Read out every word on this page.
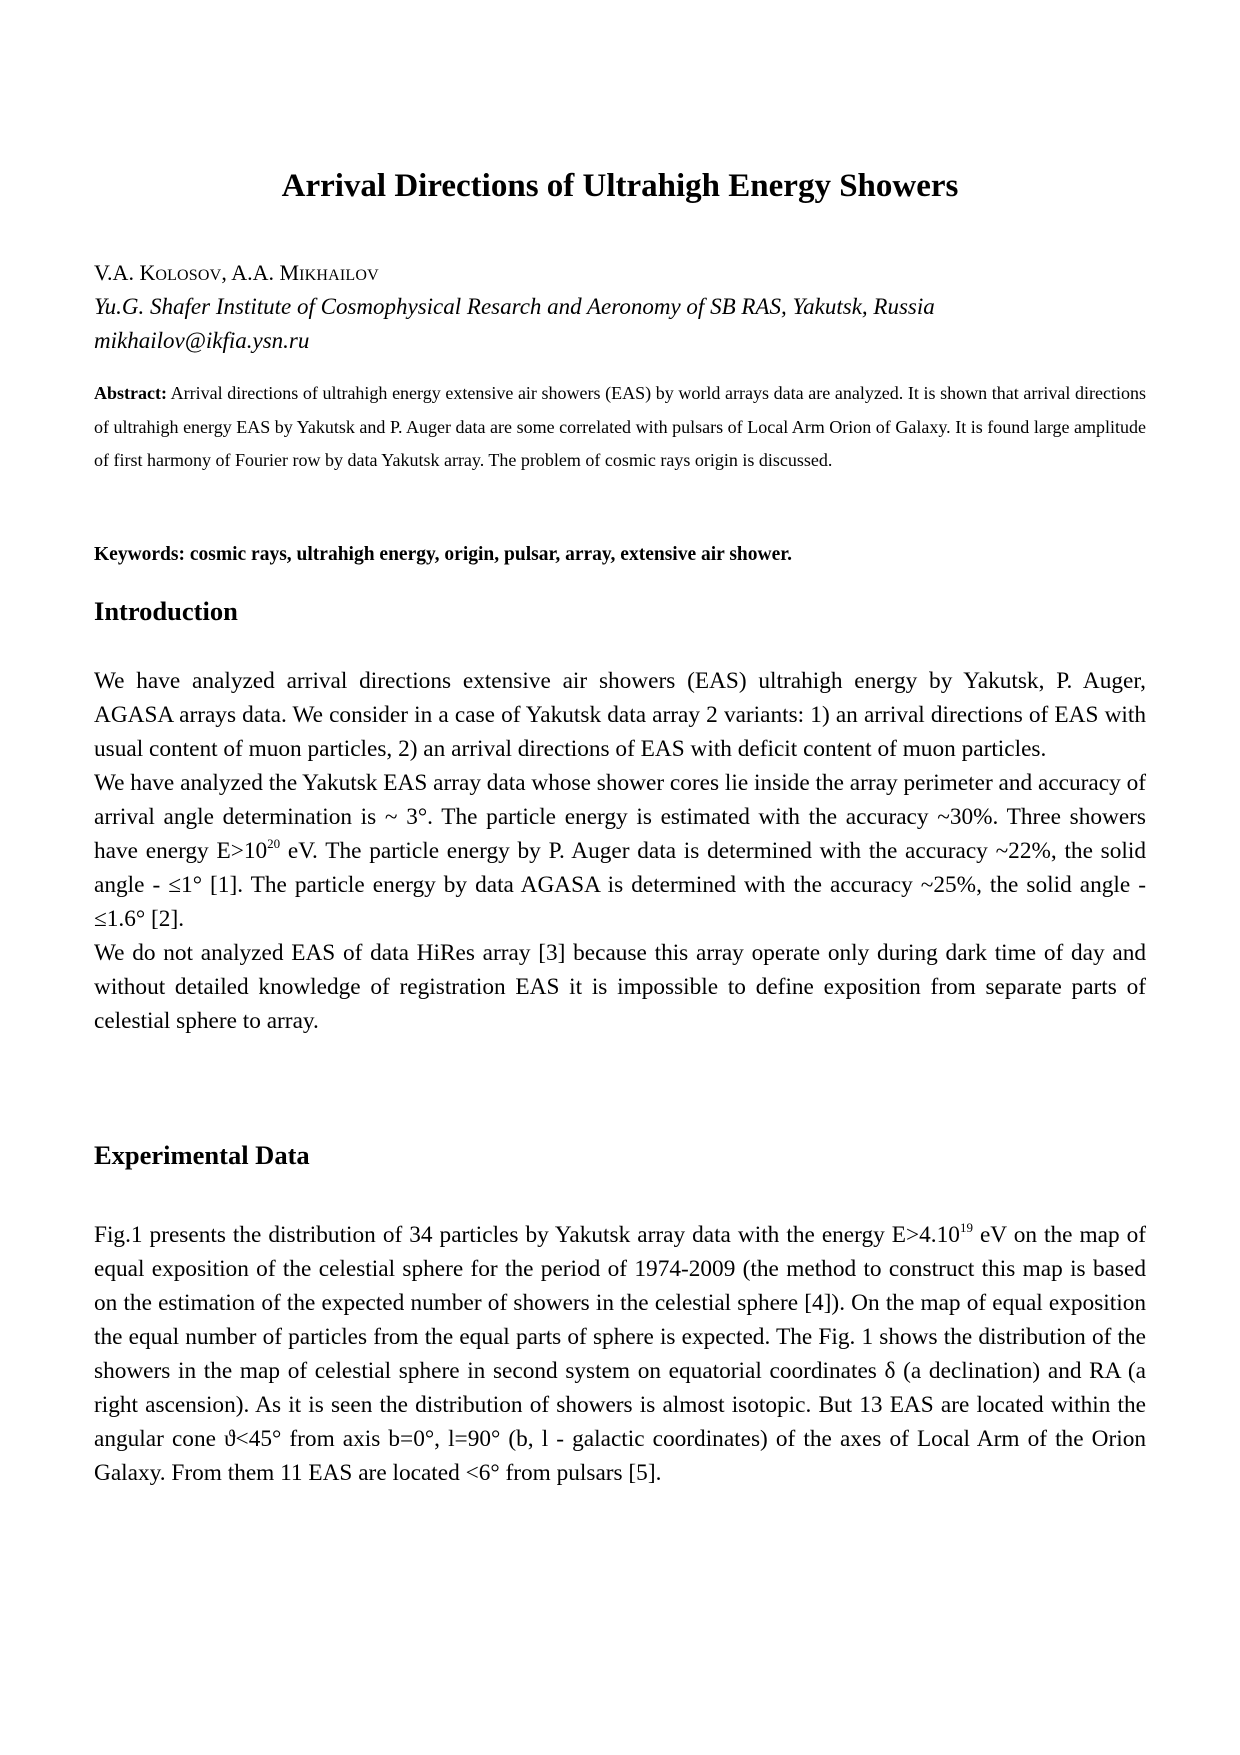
Arrival Directions of Ultrahigh Energy Showers
V.A. KOLOSOV, A.A. MIKHAILOV
Yu.G. Shafer Institute of Cosmophysical Resarch and Aeronomy of SB RAS, Yakutsk, Russia
mikhailov@ikfia.ysn.ru
Abstract: Arrival directions of ultrahigh energy extensive air showers (EAS) by world arrays data are analyzed. It is shown that arrival directions of ultrahigh energy EAS by Yakutsk and P. Auger data are some correlated with pulsars of Local Arm Orion of Galaxy. It is found large amplitude of first harmony of Fourier row by data Yakutsk array. The problem of cosmic rays origin is discussed.
Keywords: cosmic rays, ultrahigh energy, origin, pulsar, array, extensive air shower.
Introduction

We have analyzed arrival directions extensive air showers (EAS) ultrahigh energy by Yakutsk, P. Auger, AGASA arrays data. We consider in a case of Yakutsk data array 2 variants: 1) an arrival directions of EAS with usual content of muon particles, 2) an arrival directions of EAS with deficit content of muon particles.

We have analyzed the Yakutsk EAS array data whose shower cores lie inside the array perimeter and accuracy of arrival angle determination is ~ 3°. The particle energy is estimated with the accuracy ~30%. Three showers have energy $E>10^{20}$ eV. The particle energy by P. Auger data is determined with the accuracy ~22%, the solid angle - ≤1° [1]. The particle energy by data AGASA is determined with the accuracy ~25%, the solid angle - ≤1.6° [2].

We do not analyzed EAS of data HiRes array [3] because this array operate only during dark time of day and without detailed knowledge of registration EAS it is impossible to define exposition from separate parts of celestial sphere to array.

Experimental Data

Fig.1 presents the distribution of 34 particles by Yakutsk array data with the energy $E>4.10^{19}$ eV on the map of equal exposition of the celestial sphere for the period of 1974-2009 (the method to construct this map is based on the estimation of the expected number of showers in the celestial sphere [4]). On the map of equal exposition the equal number of particles from the equal parts of sphere is expected. The Fig. 1 shows the distribution of the showers in the map of celestial sphere in second system on equatorial coordinates δ (a declination) and RA (a right ascension). As it is seen the distribution of showers is almost isotopic. But 13 EAS are located within the angular cone ϑ<45° from axis b=0°, l=90° (b, l - galactic coordinates) of the axes of Local Arm of the Orion Galaxy. From them 11 EAS are located <6° from pulsars [5].
